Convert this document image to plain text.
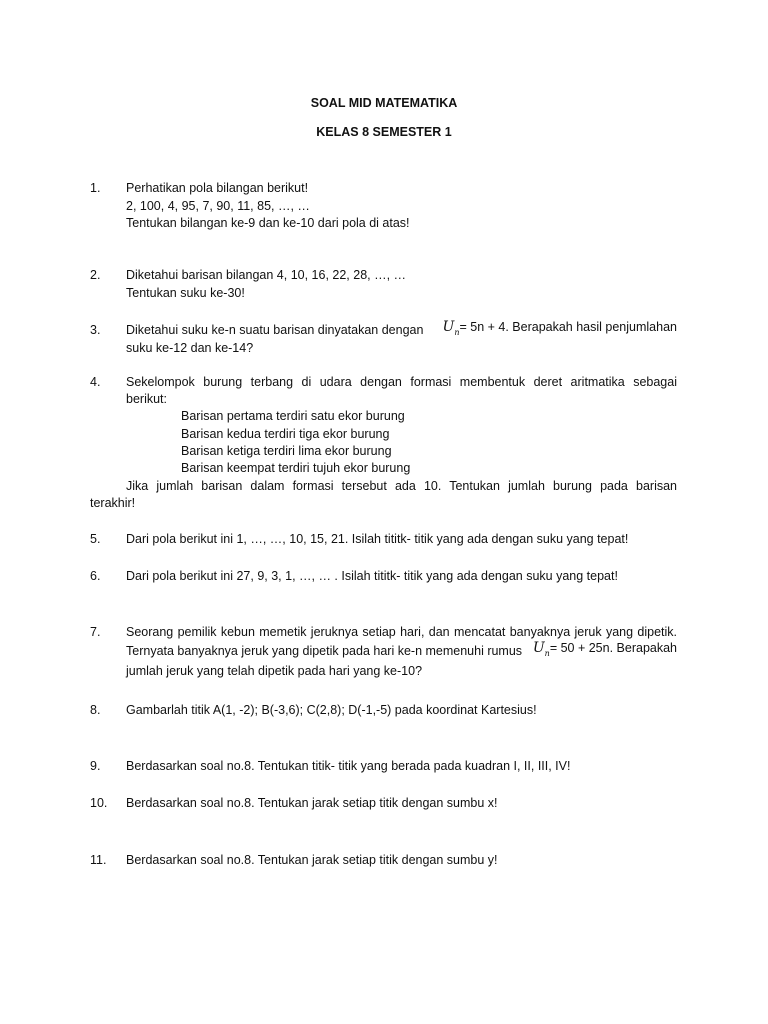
SOAL MID MATEMATIKA
KELAS 8 SEMESTER 1
1. Perhatikan pola bilangan berikut!
2, 100, 4, 95, 7, 90, 11, 85, …, …
Tentukan bilangan ke-9 dan ke-10 dari pola di atas!
2. Diketahui barisan bilangan 4, 10, 16, 22, 28, …, …
Tentukan suku ke-30!
3. Diketahui suku ke-n suatu barisan dinyatakan dengan $U_n = 5n + 4$. Berapakah hasil penjumlahan
suku ke-12 dan ke-14?
4. Sekelompok burung terbang di udara dengan formasi membentuk deret aritmatika sebagai
berikut:
Barisan pertama terdiri satu ekor burung
Barisan kedua terdiri tiga ekor burung
Barisan ketiga terdiri lima ekor burung
Barisan keempat terdiri tujuh ekor burung
Jika jumlah barisan dalam formasi tersebut ada 10. Tentukan jumlah burung pada barisan
terakhir!
5. Dari pola berikut ini 1, …, …, 10, 15, 21. Isilah tititk- titik yang ada dengan suku yang tepat!
6. Dari pola berikut ini 27, 9, 3, 1, …, … . Isilah tititk- titik yang ada dengan suku yang tepat!
7. Seorang pemilik kebun memetik jeruknya setiap hari, dan mencatat banyaknya jeruk yang dipetik.
Ternyata banyaknya jeruk yang dipetik pada hari ke-n memenuhi rumus $U_n = 50 + 25n$. Berapakah
jumlah jeruk yang telah dipetik pada hari yang ke-10?
8. Gambarlah titik A(1, -2); B(-3,6); C(2,8); D(-1,-5) pada koordinat Kartesius!
9. Berdasarkan soal no.8. Tentukan titik- titik yang berada pada kuadran I, II, III, IV!
10. Berdasarkan soal no.8. Tentukan jarak setiap titik dengan sumbu x!
11. Berdasarkan soal no.8. Tentukan jarak setiap titik dengan sumbu y!
